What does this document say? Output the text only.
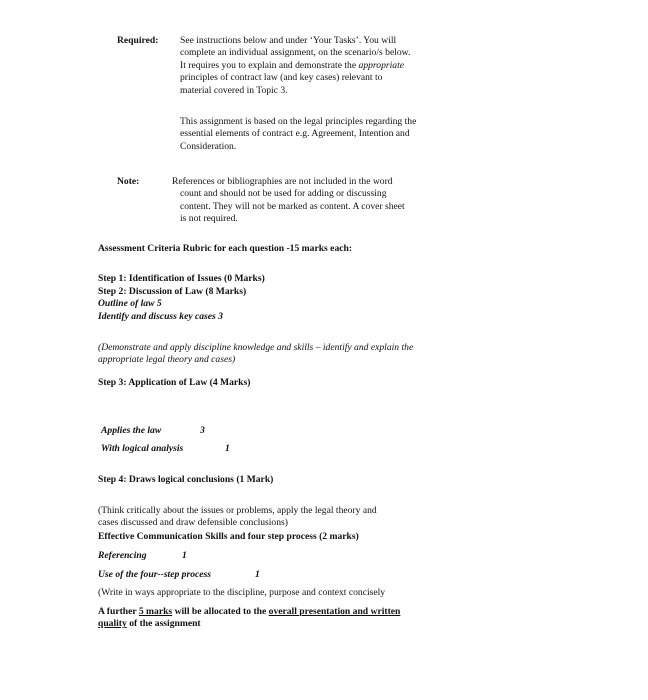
Required: See instructions below and under ‘Your Tasks’. You will
complete an individual assignment, on the scenario/s below.
It requires you to explain and demonstrate the appropriate
principles of contract law (and key cases) relevant to
material covered in Topic 3.
This assignment is based on the legal principles regarding the
essential elements of contract e.g. Agreement, Intention and
Consideration.
Note:	References or bibliographies are not included in the word
count and should not be used for adding or discussing
content. They will not be marked as content. A cover sheet
is not required.
Assessment Criteria Rubric for each question -15 marks each:
Step 1: Identification of Issues (0 Marks)
Step 2: Discussion of Law (8 Marks)
Outline of law 5
Identify and discuss key cases 3
(Demonstrate and apply discipline knowledge and skills – identify and explain the
appropriate legal theory and cases)
Step 3: Application of Law (4 Marks)
Applies the law	3
With logical analysis	1
Step 4: Draws logical conclusions (1 Mark)
(Think critically about the issues or problems, apply the legal theory and
cases discussed and draw defensible conclusions)
Effective Communication Skills and four step process (2 marks)
Referencing	1
Use of the four--step process	1
(Write in ways appropriate to the discipline, purpose and context concisely
A further 5 marks will be allocated to the overall presentation and written
quality of the assignment
